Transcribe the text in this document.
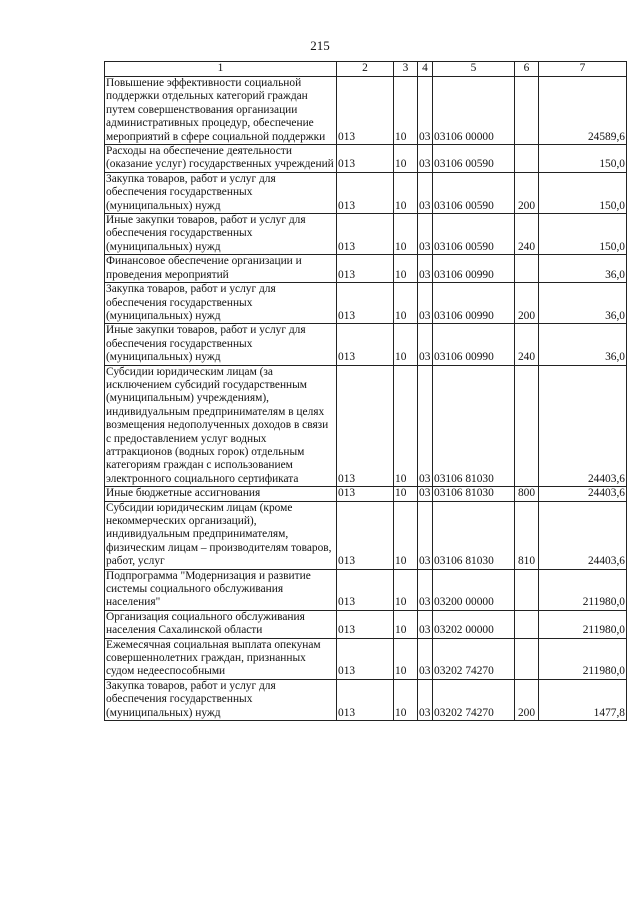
215
1	2	3	4	5	6	7
Повышение эффективности социальной поддержки отдельных категорий граждан путем совершенствования организации административных процедур, обеспечение мероприятий в сфере социальной поддержки	013	10	03	03106 00000		24589,6
Расходы на обеспечение деятельности (оказание услуг) государственных учреждений	013	10	03	03106 00590		150,0
Закупка товаров, работ и услуг для обеспечения государственных (муниципальных) нужд	013	10	03	03106 00590	200	150,0
Иные закупки товаров, работ и услуг для обеспечения государственных (муниципальных) нужд	013	10	03	03106 00590	240	150,0
Финансовое обеспечение организации и проведения мероприятий	013	10	03	03106 00990		36,0
Закупка товаров, работ и услуг для обеспечения государственных (муниципальных) нужд	013	10	03	03106 00990	200	36,0
Иные закупки товаров, работ и услуг для обеспечения государственных (муниципальных) нужд	013	10	03	03106 00990	240	36,0
Субсидии юридическим лицам (за исключением субсидий государственным (муниципальным) учреждениям), индивидуальным предпринимателям в целях возмещения недополученных доходов в связи с предоставлением услуг водных аттракционов (водных горок) отдельным категориям граждан с использованием электронного социального сертификата	013	10	03	03106 81030		24403,6
Иные бюджетные ассигнования	013	10	03	03106 81030	800	24403,6
Субсидии юридическим лицам (кроме некоммерческих организаций), индивидуальным предпринимателям, физическим лицам – производителям товаров, работ, услуг	013	10	03	03106 81030	810	24403,6
Подпрограмма "Модернизация и развитие системы социального обслуживания населения"	013	10	03	03200 00000		211980,0
Организация социального обслуживания населения Сахалинской области	013	10	03	03202 00000		211980,0
Ежемесячная социальная выплата опекунам совершеннолетних граждан, признанных судом недееспособными	013	10	03	03202 74270		211980,0
Закупка товаров, работ и услуг для обеспечения государственных (муниципальных) нужд	013	10	03	03202 74270	200	1477,8
